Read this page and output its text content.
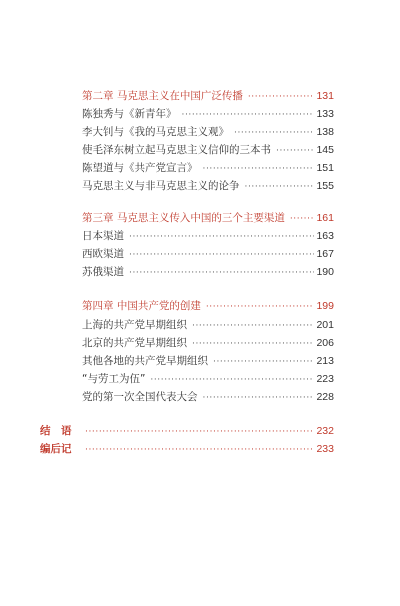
第二章 马克思主义在中国广泛传播 ·····	131
陈独秀与《新青年》 ·····	133
李大钊与《我的马克思主义观》 ·····	138
使毛泽东树立起马克思主义信仰的三本书 ·····	145
陈望道与《共产党宣言》 ·····	151
马克思主义与非马克思主义的论争 ·····	155
第三章 马克思主义传入中国的三个主要渠道 ·····	161
日本渠道 ·····	163
西欧渠道 ·····	167
苏俄渠道 ·····	190
第四章 中国共产党的创建 ·····	199
上海的共产党早期组织 ·····	201
北京的共产党早期组织 ·····	206
其他各地的共产党早期组织 ·····	213
“与劳工为伍” ·····	223
党的第一次全国代表大会 ·····	228
结　语 ·····	232
编后记 ·····	233
